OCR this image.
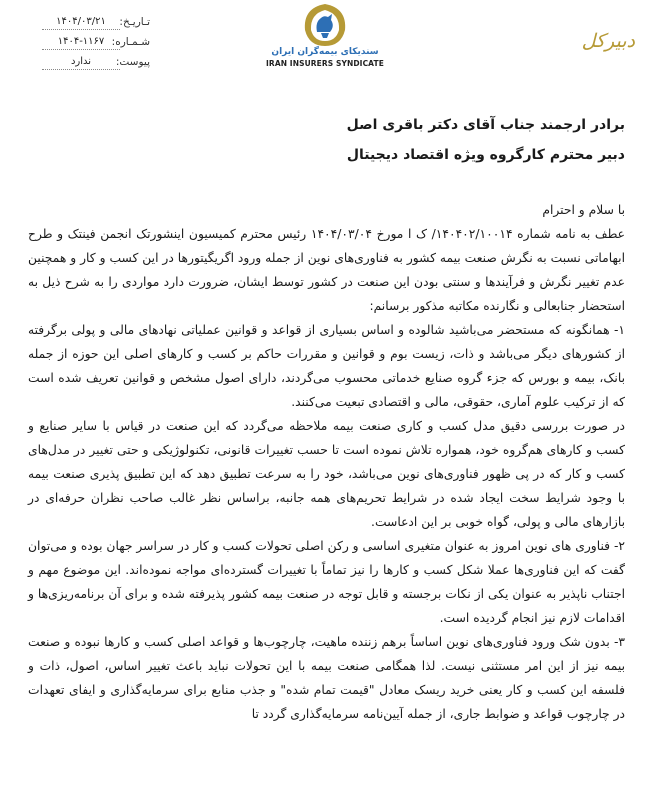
تـاریـخ:
۱۴۰۴/۰۳/۲۱
شـمـاره:
۱۴۰۴-۱۱۶۷
پیوست:
ندارد
سندیکای بیمه‌گران ایران
IRAN INSURERS SYNDICATE
دبیرکل
برادر ارجمند جناب آقای دکتر باقری اصل
دبیر محترم کارگروه ویژه اقتصاد دیجیتال
با سلام و احترام

عطف به نامه شماره ۱۴۰۴۰۲/۱۰۰۱۴/ ک ا مورخ ۱۴۰۴/۰۳/۰۴ رئیس محترم کمیسیون اینشورتک انجمن فینتک و طرح ابهاماتی نسبت به نگرش صنعت بیمه کشور به فناوری‌های نوین از جمله ورود اگریگیتورها در این کسب و کار و همچنین عدم تغییر نگرش و فرآیندها و سنتی بودن این صنعت در کشور توسط ایشان، ضرورت دارد مواردی را به شرح ذیل به استحضار جنابعالی و نگارنده مکاتبه مذکور برسانم:

۱- همانگونه که مستحضر می‌باشید شالوده و اساس بسیاری از قواعد و قوانین عملیاتی نهادهای مالی و پولی برگرفته از کشورهای دیگر می‌باشد و ذات، زیست بوم و قوانین و مقررات حاکم بر کسب و کارهای اصلی این حوزه از جمله بانک، بیمه و بورس که جزء گروه صنایع خدماتی محسوب می‌گردند، دارای اصول مشخص و قوانین تعریف شده است که از ترکیب علوم آماری، حقوقی، مالی و اقتصادی تبعیت می‌کنند.

در صورت بررسی دقیق مدل کسب و کاری صنعت بیمه ملاحظه می‌گردد که این صنعت در قیاس با سایر صنایع و کسب و کارهای هم‌گروه خود، همواره تلاش نموده است تا حسب تغییرات قانونی، تکنولوژیکی و حتی تغییر در مدل‌های کسب و کار که در پی ظهور فناوری‌های نوین می‌باشد، خود را به سرعت تطبیق دهد که این تطبیق پذیری صنعت بیمه با وجود شرایط سخت ایجاد شده در شرایط تحریم‌های همه جانبه، براساس نظر غالب صاحب نظران حرفه‌ای در بازارهای مالی و پولی، گواه خوبی بر این ادعاست.

۲- فناوری های نوین امروز به عنوان متغیری اساسی و رکن اصلی تحولات کسب و کار در سراسر جهان بوده و می‌توان گفت که این فناوری‌ها عملا شکل کسب و کارها را نیز تماماً با تغییرات گسترده‌ای مواجه نموده‌اند. این موضوع مهم و اجتناب ناپذیر به عنوان یکی از نکات برجسته و قابل توجه در صنعت بیمه کشور پذیرفته شده و برای آن برنامه‌ریزی‌ها و اقدامات لازم نیز انجام گردیده است.

۳- بدون شک ورود فناوری‌های نوین اساساً برهم زننده ماهیت، چارچوب‌ها و قواعد اصلی کسب و کارها نبوده و صنعت بیمه نیز از این امر مستثنی نیست. لذا همگامی صنعت بیمه با این تحولات نباید باعث تغییر اساس، اصول، ذات و فلسفه این کسب و کار یعنی خرید ریسک معادل "قیمت تمام شده" و جذب منابع برای سرمایه‌گذاری و ایفای تعهدات در چارچوب قواعد و ضوابط جاری، از جمله آیین‌نامه سرمایه‌گذاری گردد تا
